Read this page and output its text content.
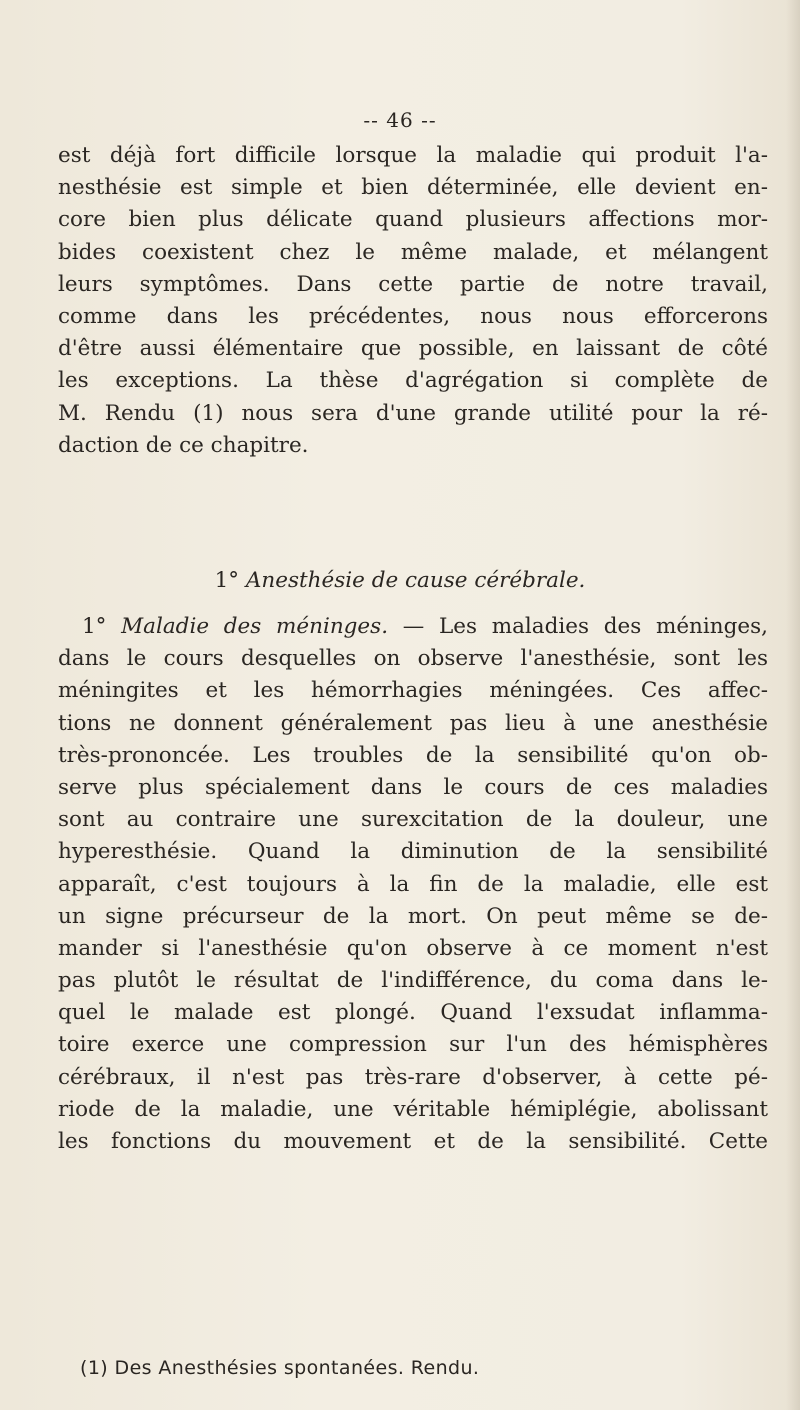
-- 46 --
est déjà fort difficile lorsque la maladie qui produit l'a-
nesthésie est simple et bien déterminée, elle devient en-
core bien plus délicate quand plusieurs affections mor-
bides coexistent chez le même malade, et mélangent
leurs symptômes. Dans cette partie de notre travail,
comme dans les précédentes, nous nous efforcerons
d'être aussi élémentaire que possible, en laissant de côté
les exceptions. La thèse d'agrégation si complète de
M. Rendu (1) nous sera d'une grande utilité pour la ré-
daction de ce chapitre.
1° Anesthésie de cause cérébrale.
1° Maladie des méninges. — Les maladies des méninges,
dans le cours desquelles on observe l'anesthésie, sont les
méningites et les hémorrhagies méningées. Ces affec-
tions ne donnent généralement pas lieu à une anesthésie
très-prononcée. Les troubles de la sensibilité qu'on ob-
serve plus spécialement dans le cours de ces maladies
sont au contraire une surexcitation de la douleur, une
hyperesthésie. Quand la diminution de la sensibilité
apparaît, c'est toujours à la fin de la maladie, elle est
un signe précurseur de la mort. On peut même se de-
mander si l'anesthésie qu'on observe à ce moment n'est
pas plutôt le résultat de l'indifférence, du coma dans le-
quel le malade est plongé. Quand l'exsudat inflamma-
toire exerce une compression sur l'un des hémisphères
cérébraux, il n'est pas très-rare d'observer, à cette pé-
riode de la maladie, une véritable hémiplégie, abolissant
les fonctions du mouvement et de la sensibilité. Cette
(1) Des Anesthésies spontanées. Rendu.
